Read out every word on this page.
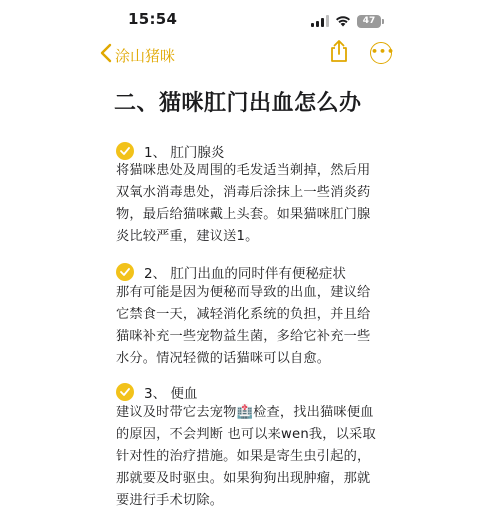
15:54	47
涂山猪咪	•••
二、猫咪肛门出血怎么办
1、 肛门腺炎
将猫咪患处及周围的毛发适当剃掉，然后用
双氧水消毒患处，消毒后涂抹上一些消炎药
物，最后给猫咪戴上头套。如果猫咪肛门腺
炎比较严重，建议送1。
2、 肛门出血的同时伴有便秘症状
那有可能是因为便秘而导致的出血，建议给
它禁食一天，减轻消化系统的负担，并且给
猫咪补充一些宠物益生菌，多给它补充一些
水分。情况轻微的话猫咪可以自愈。
3、 便血
建议及时带它去宠物🏥检查，找出猫咪便血
的原因，不会判断 也可以来wen我，以采取
针对性的治疗措施。如果是寄生虫引起的，
那就要及时驱虫。如果狗狗出现肿瘤，那就
要进行手术切除。
